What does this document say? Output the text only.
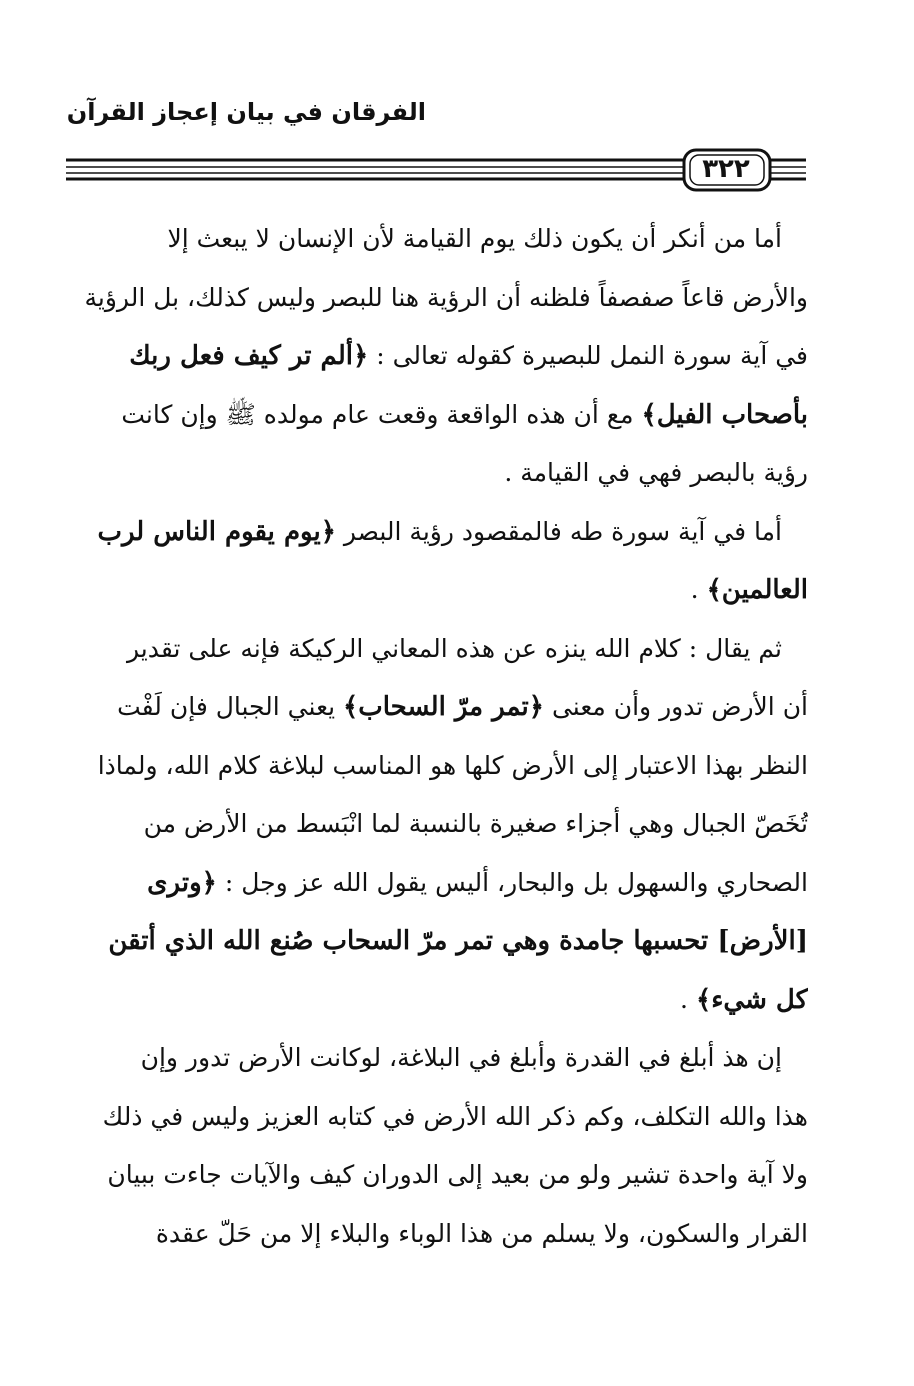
الفرقان في بيان إعجاز القرآن
٣٢٢
أما من أنكر أن يكون ذلك يوم القيامة لأن الإنسان لا يبعث إلا
والأرض قاعاً صفصفاً فلظنه أن الرؤية هنا للبصر وليس كذلك، بل الرؤية
في آية سورة النمل للبصيرة كقوله تعالى : ﴿ألم تر كيف فعل ربك
بأصحاب الفيل﴾ مع أن هذه الواقعة وقعت عام مولده ﷺ وإن كانت
رؤية بالبصر فهي في القيامة .
أما في آية سورة طه فالمقصود رؤية البصر ﴿يوم يقوم الناس لرب
العالمين﴾ .
ثم يقال : كلام الله ينزه عن هذه المعاني الركيكة فإنه على تقدير
أن الأرض تدور وأن معنى ﴿تمر مرّ السحاب﴾ يعني الجبال فإن لَفْت
النظر بهذا الاعتبار إلى الأرض كلها هو المناسب لبلاغة كلام الله، ولماذا
تُخَصّ الجبال وهي أجزاء صغيرة بالنسبة لما انْبَسط من الأرض من
الصحاري والسهول بل والبحار، أليس يقول الله عز وجل : ﴿وترى
[الأرض] تحسبها جامدة وهي تمر مرّ السحاب صُنع الله الذي أتقن
كل شيء﴾ .
إن هذ أبلغ في القدرة وأبلغ في البلاغة، لوكانت الأرض تدور وإن
هذا والله التكلف، وكم ذكر الله الأرض في كتابه العزيز وليس في ذلك
ولا آية واحدة تشير ولو من بعيد إلى الدوران كيف والآيات جاءت ببيان
القرار والسكون، ولا يسلم من هذا الوباء والبلاء إلا من حَلّ عقدة
